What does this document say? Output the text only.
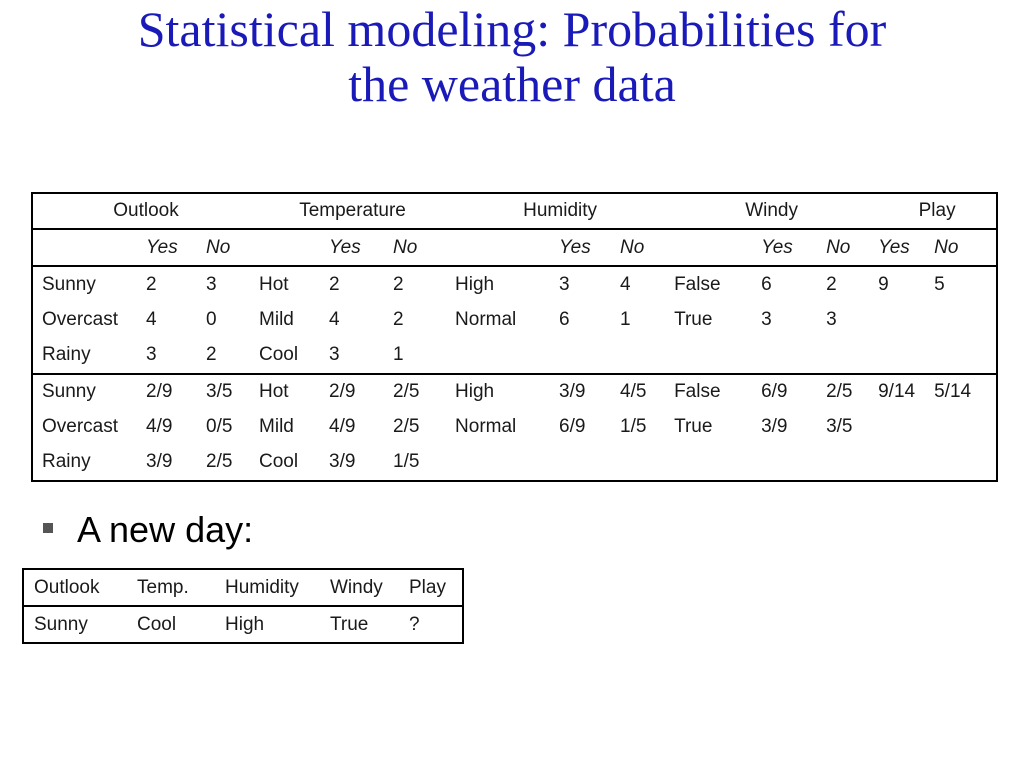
Statistical modeling: Probabilities for
the weather data
Outlook			Temperature			Humidity			Windy			Play	
	Yes	No		Yes	No		Yes	No		Yes	No	Yes	No
Sunny	2	3	Hot	2	2	High	3	4	False	6	2	9	5
Overcast	4	0	Mild	4	2	Normal	6	1	True	3	3		
Rainy	3	2	Cool	3	1								
Sunny	2/9	3/5	Hot	2/9	2/5	High	3/9	4/5	False	6/9	2/5	9/14	5/14
Overcast	4/9	0/5	Mild	4/9	2/5	Normal	6/9	1/5	True	3/9	3/5		
Rainy	3/9	2/5	Cool	3/9	1/5								
A new day:
Outlook	Temp.	Humidity	Windy	Play
Sunny	Cool	High	True	?
